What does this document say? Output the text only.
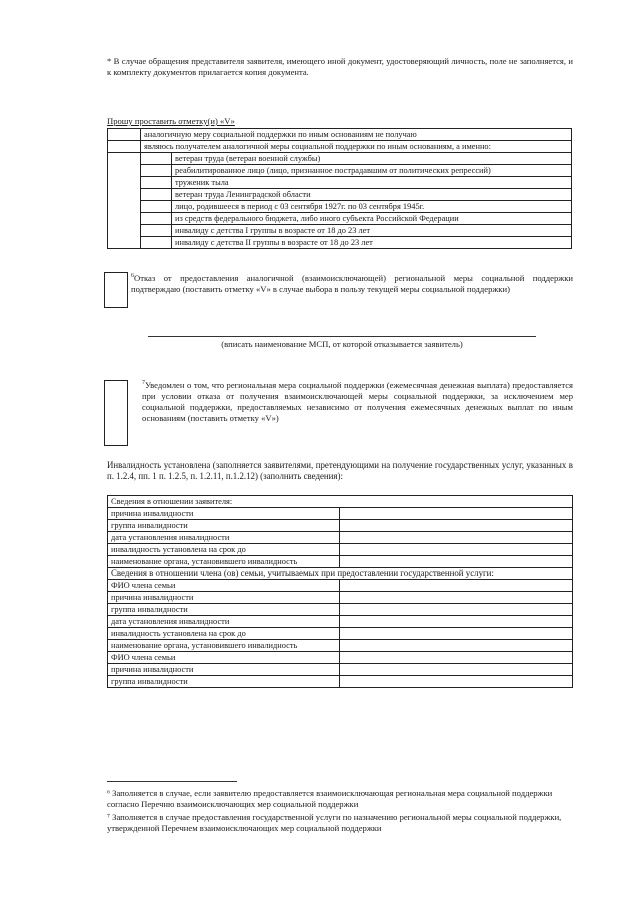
* В случае обращения представителя заявителя, имеющего иной документ, удостоверяющий личность, поле не заполняется, и к комплекту документов прилагается копия документа.
Прошу проставить отметку(и) «V»
	аналогичную меру социальной поддержки по иным основаниям не получаю	
	являюсь получателем аналогичной меры социальной поддержки по иным основаниям, а именно:	
		ветеран труда (ветеран военной службы)
		реабилитированное лицо (лицо, признанное пострадавшим от политических репрессий)
		труженик тыла
		ветеран труда Ленинградской области
		лицо, родившееся в период с 03 сентября 1927г. по 03 сентября 1945г.
		из средств федерального бюджета, либо иного субъекта Российской Федерации
		инвалиду с детства I группы в возрасте от 18 до 23 лет
		инвалиду с детства II группы в возрасте от 18 до 23 лет
$^6$Отказ от предоставления аналогичной (взаимоисключающей) региональной меры социальной поддержки подтверждаю (поставить отметку «V» в случае выбора в пользу текущей меры социальной поддержки)
(вписать наименование МСП, от которой отказывается заявитель)
$^7$Уведомлен о том, что региональная мера социальной поддержки (ежемесячная денежная выплата) предоставляется при условии отказа от получения взаимоисключающей меры социальной поддержки, за исключением мер социальной поддержки, предоставляемых независимо от получения ежемесячных денежных выплат по иным основаниям (поставить отметку «V»)
Инвалидность установлена (заполняется заявителями, претендующими на получение государственных услуг, указанных в п. 1.2.4, пп. 1 п. 1.2.5, п. 1.2.11, п.1.2.12) (заполнить сведения):
Сведения в отношении заявителя:	
причина инвалидности	
группа инвалидности	
дата установления инвалидности	
инвалидность установлена на срок до	
наименование органа, установившего инвалидность	
Сведения в отношении члена (ов) семьи, учитываемых при предоставлении государственной услуги:	
ФИО члена семьи	
причина инвалидности	
группа инвалидности	
дата установления инвалидности	
инвалидность установлена на срок до	
наименование органа, установившего инвалидность	
ФИО члена семьи	
причина инвалидности	
группа инвалидности	
⁶ Заполняется в случае, если заявителю предоставляется взаимоисключающая региональная мера социальной поддержки согласно Перечню взаимоисключающих мер социальной поддержки
⁷ Заполняется в случае предоставления государственной услуги по назначению региональной меры социальной поддержки, утвержденной Перечнем взаимоисключающих мер социальной поддержки
